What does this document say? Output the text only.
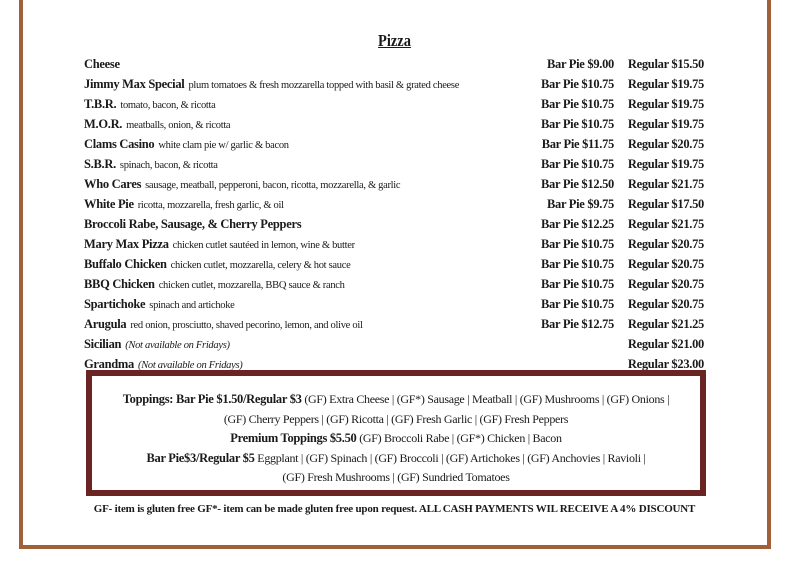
Pizza
Cheese	Bar Pie $9.00 Regular $15.50
Jimmy Max Special plum tomatoes & fresh mozzarella topped with basil & grated cheese	Bar Pie $10.75 Regular $19.75
T.B.R. tomato, bacon, & ricotta	Bar Pie $10.75 Regular $19.75
M.O.R. meatballs, onion, & ricotta	Bar Pie $10.75 Regular $19.75
Clams Casino white clam pie w/ garlic & bacon	Bar Pie $11.75 Regular $20.75
S.B.R. spinach, bacon, & ricotta	Bar Pie $10.75 Regular $19.75
Who Cares sausage, meatball, pepperoni, bacon, ricotta, mozzarella, & garlic	Bar Pie $12.50 Regular $21.75
White Pie ricotta, mozzarella, fresh garlic, & oil	Bar Pie $9.75 Regular $17.50
Broccoli Rabe, Sausage, & Cherry Peppers	Bar Pie $12.25 Regular $21.75
Mary Max Pizza chicken cutlet sautéed in lemon, wine & butter	Bar Pie $10.75 Regular $20.75
Buffalo Chicken chicken cutlet, mozzarella, celery & hot sauce	Bar Pie $10.75 Regular $20.75
BBQ Chicken chicken cutlet, mozzarella, BBQ sauce & ranch	Bar Pie $10.75 Regular $20.75
Spartichoke spinach and artichoke	Bar Pie $10.75 Regular $20.75
Arugula red onion, prosciutto, shaved pecorino, lemon, and olive oil	Bar Pie $12.75 Regular $21.25
Sicilian (Not available on Fridays)	Regular $21.00
Grandma (Not available on Fridays)	Regular $23.00
Toppings: Bar Pie $1.50/Regular $3 (GF) Extra Cheese | (GF*) Sausage | Meatball | (GF) Mushrooms | (GF) Onions |
(GF) Cherry Peppers | (GF) Ricotta | (GF) Fresh Garlic | (GF) Fresh Peppers
Premium Toppings $5.50 (GF) Broccoli Rabe | (GF*) Chicken | Bacon
Bar Pie$3/Regular $5 Eggplant | (GF) Spinach | (GF) Broccoli | (GF) Artichokes | (GF) Anchovies | Ravioli |
(GF) Fresh Mushrooms | (GF) Sundried Tomatoes
GF- item is gluten free GF*- item can be made gluten free upon request. ALL CASH PAYMENTS WIL RECEIVE A 4% DISCOUNT
